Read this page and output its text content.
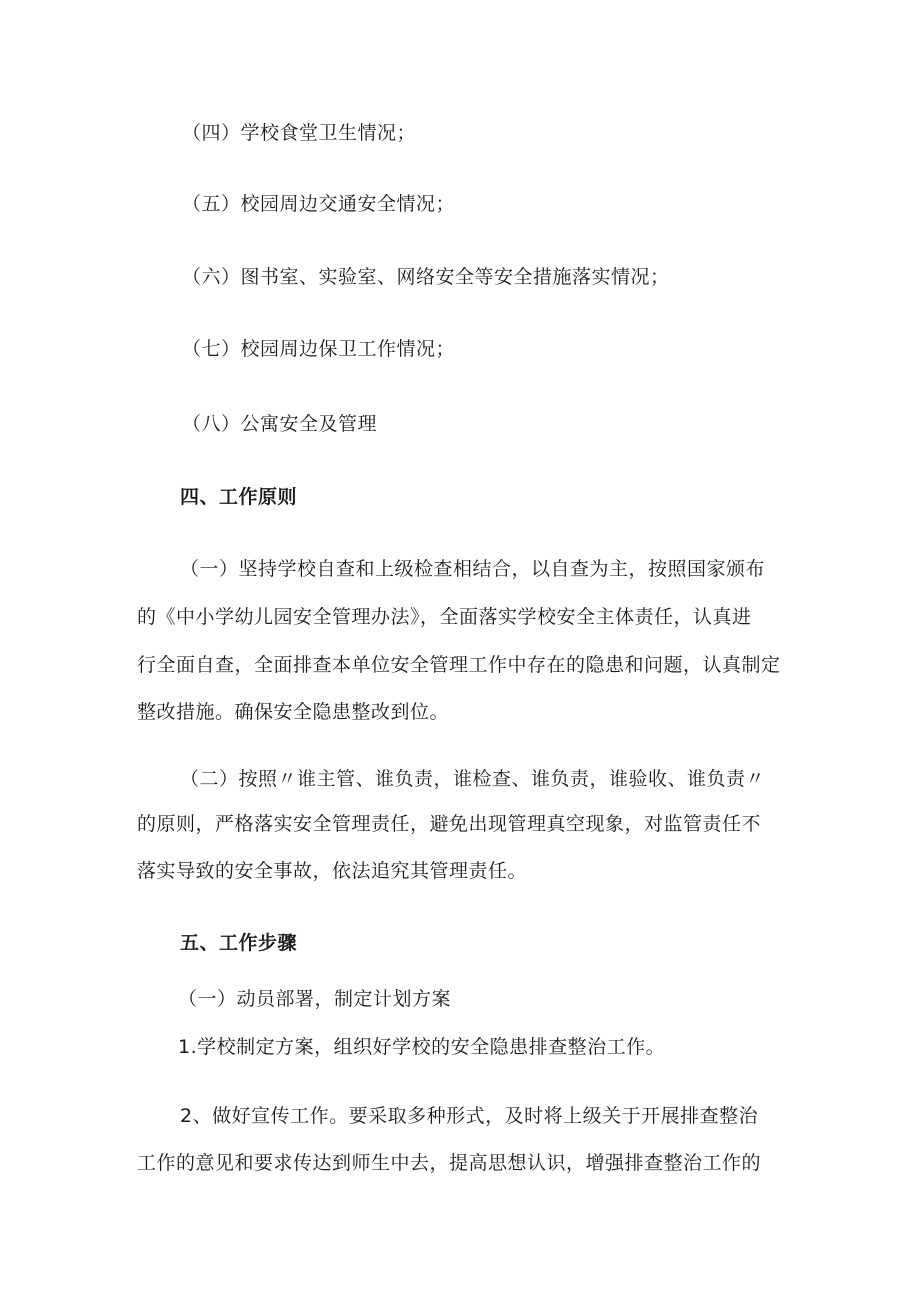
（四）学校食堂卫生情况；

（五）校园周边交通安全情况；

（六）图书室、实验室、网络安全等安全措施落实情况；

（七）校园周边保卫工作情况；

（八）公寓安全及管理

四、工作原则

（一）坚持学校自查和上级检查相结合，以自查为主，按照国家颁布

的《中小学幼儿园安全管理办法》，全面落实学校安全主体责任，认真进

行全面自查，全面排查本单位安全管理工作中存在的隐患和问题，认真制定

整改措施。确保安全隐患整改到位。

（二）按照〃谁主管、谁负责，谁检查、谁负责，谁验收、谁负责〃

的原则，严格落实安全管理责任，避免出现管理真空现象，对监管责任不

落实导致的安全事故，依法追究其管理责任。

五、工作步骤

（一）动员部署，制定计划方案

1.学校制定方案，组织好学校的安全隐患排查整治工作。

2、做好宣传工作。要采取多种形式，及时将上级关于开展排查整治

工作的意见和要求传达到师生中去，提高思想认识，增强排查整治工作的
